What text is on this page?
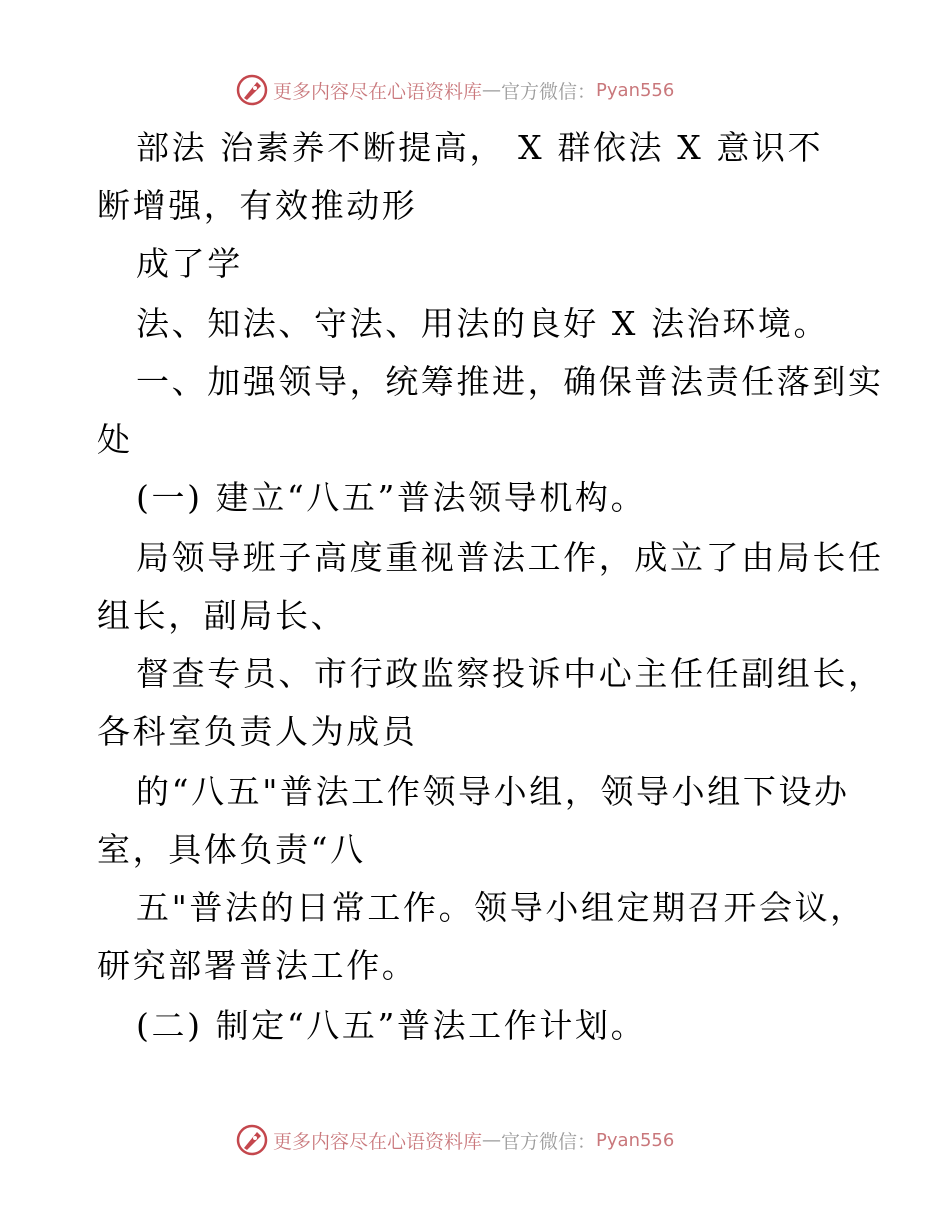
更多内容尽在心语资料库 — 官方微信： Pyan556
部法 治素养不断提高， X 群依法 X 意识不
断增强，有效推动形
成了学
法、知法、守法、用法的良好 X 法治环境。
一、加强领导，统筹推进，确保普法责任落到实
处
(一) 建立“八五”普法领导机构。
局领导班子高度重视普法工作，成立了由局长任
组长，副局长、
督查专员、市行政监察投诉中心主任任副组长，
各科室负责人为成员
的“八五"普法工作领导小组，领导小组下设办
室，具体负责“八
五"普法的日常工作。领导小组定期召开会议，
研究部署普法工作。
(二) 制定“八五”普法工作计划。
更多内容尽在心语资料库 — 官方微信： Pyan556
